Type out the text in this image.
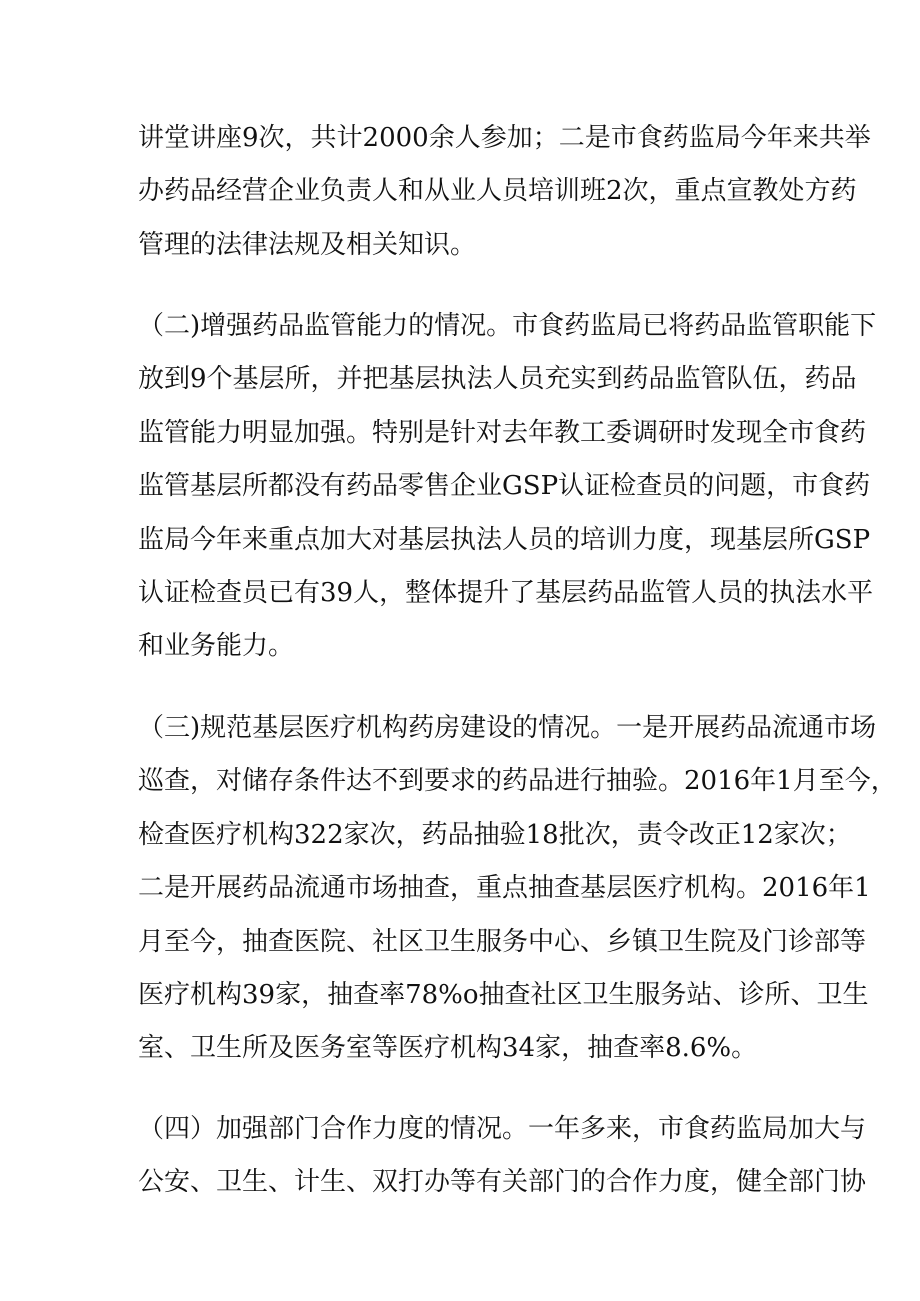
讲堂讲座9次，共计2000余人参加；二是市食药监局今年来共举
办药品经营企业负责人和从业人员培训班2次，重点宣教处方药
管理的法律法规及相关知识。
（二)增强药品监管能力的情况。市食药监局已将药品监管职能下
放到9个基层所，并把基层执法人员充实到药品监管队伍，药品
监管能力明显加强。特别是针对去年教工委调研时发现全市食药
监管基层所都没有药品零售企业GSP认证检查员的问题，市食药
监局今年来重点加大对基层执法人员的培训力度，现基层所GSP
认证检查员已有39人，整体提升了基层药品监管人员的执法水平
和业务能力。
（三)规范基层医疗机构药房建设的情况。一是开展药品流通市场
巡查，对储存条件达不到要求的药品进行抽验。2016年1月至今，
检查医疗机构322家次，药品抽验18批次，责令改正12家次；
二是开展药品流通市场抽查，重点抽查基层医疗机构。2016年1
月至今，抽查医院、社区卫生服务中心、乡镇卫生院及门诊部等
医疗机构39家，抽查率78%o抽查社区卫生服务站、诊所、卫生
室、卫生所及医务室等医疗机构34家，抽查率8.6%。
（四）加强部门合作力度的情况。一年多来，市食药监局加大与
公安、卫生、计生、双打办等有关部门的合作力度，健全部门协
